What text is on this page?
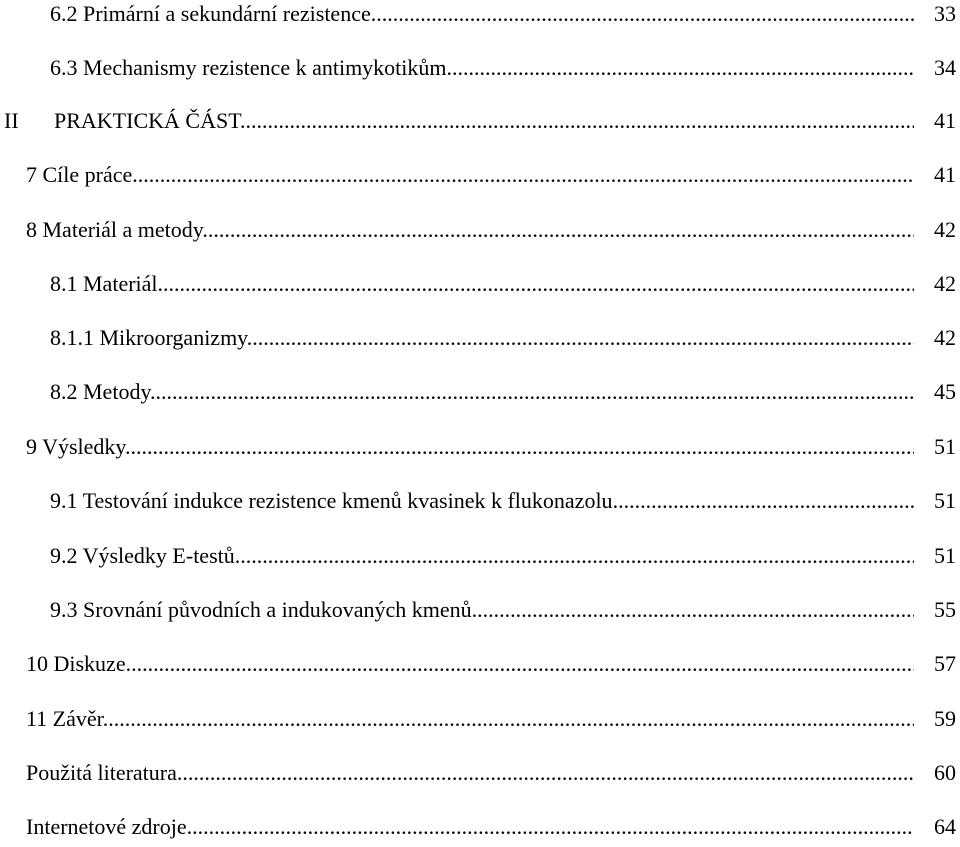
6.2 Primární a sekundární rezistence .....	33
6.3 Mechanismy rezistence k antimykotikům .....	34
II PRAKTICKÁ ČÁST .....	41
7 Cíle práce .....	41
8 Materiál a metody .....	42
8.1 Materiál .....	42
8.1.1 Mikroorganizmy .....	42
8.2 Metody .....	45
9 Výsledky .....	51
9.1 Testování indukce rezistence kmenů kvasinek k flukonazolu .....	51
9.2 Výsledky E-testů .....	51
9.3 Srovnání původních a indukovaných kmenů .....	55
10 Diskuze .....	57
11 Závěr .....	59
Použitá literatura .....	60
Internetové zdroje .....	64
